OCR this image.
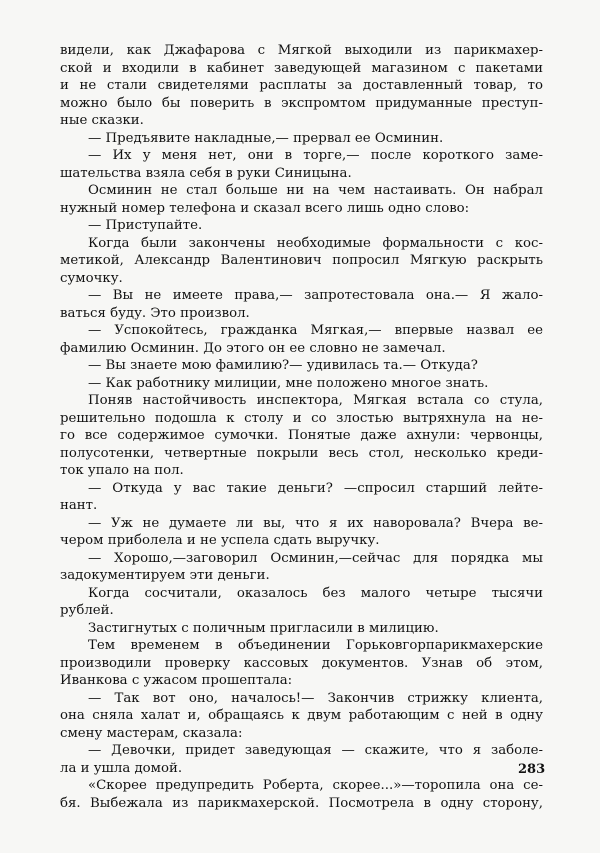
видели, как Джафарова с Мягкой выходили из парикмахер-
ской и входили в кабинет заведующей магазином с пакетами
и не стали свидетелями расплаты за доставленный товар, то
можно было бы поверить в экспромтом придуманные преступ-
ные сказки.
— Предъявите накладные,— прервал ее Осминин.
— Их у меня нет, они в торге,— после короткого заме-
шательства взяла себя в руки Синицына.
Осминин не стал больше ни на чем настаивать. Он набрал
нужный номер телефона и сказал всего лишь одно слово:
— Приступайте.
Когда были закончены необходимые формальности с кос-
метикой, Александр Валентинович попросил Мягкую раскрыть
сумочку.
— Вы не имеете права,— запротестовала она.— Я жало-
ваться буду. Это произвол.
— Успокойтесь, гражданка Мягкая,— впервые назвал ее
фамилию Осминин. До этого он ее словно не замечал.
— Вы знаете мою фамилию?— удивилась та.— Откуда?
— Как работнику милиции, мне положено многое знать.
Поняв настойчивость инспектора, Мягкая встала со стула,
решительно подошла к столу и со злостью вытряхнула на не-
го все содержимое сумочки. Понятые даже ахнули: червонцы,
полусотенки, четвертные покрыли весь стол, несколько креди-
ток упало на пол.
— Откуда у вас такие деньги? —спросил старший лейте-
нант.
— Уж не думаете ли вы, что я их наворовала? Вчера ве-
чером приболела и не успела сдать выручку.
— Хорошо,—заговорил Осминин,—сейчас для порядка мы
задокументируем эти деньги.
Когда сосчитали, оказалось без малого четыре тысячи
рублей.
Застигнутых с поличным пригласили в милицию.
Тем временем в объединении Горьковгорпарикмахерские
производили проверку кассовых документов. Узнав об этом,
Иванкова с ужасом прошептала:
— Так вот оно, началось!— Закончив стрижку клиента,
она сняла халат и, обращаясь к двум работающим с ней в одну
смену мастерам, сказала:
— Девочки, придет заведующая — скажите, что я заболе-
ла и ушла домой.
«Скорее предупредить Роберта, скорее...»—торопила она се-
бя. Выбежала из парикмахерской. Посмотрела в одну сторону,
283
